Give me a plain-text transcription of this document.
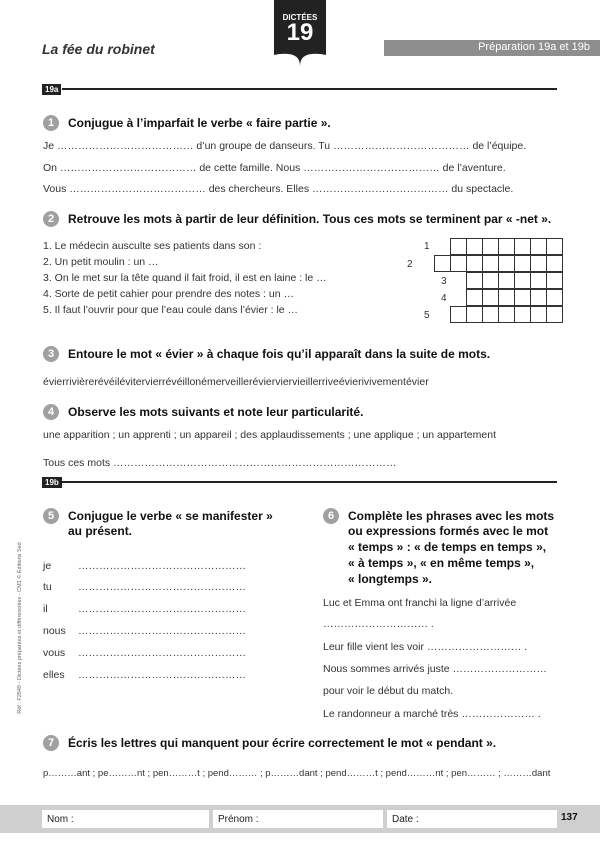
La fée du robinet
DICTÉES
19
Préparation 19a et 19b
19a
1	Conjugue à l’imparfait le verbe « faire partie ».
Je ………………………………… d’un groupe de danseurs. Tu ………………………………… de l’équipe.
On ………………………………… de cette famille. Nous ………………………………… de l’aventure.
Vous ………………………………… des chercheurs. Elles ………………………………… du spectacle.
2	Retrouve les mots à partir de leur définition. Tous ces mots se terminent par « -net ».
1. Le médecin ausculte ses patients dans son :
2. Un petit moulin : un …
3. On le met sur la tête quand il fait froid, il est en laine : le …
4. Sorte de petit cahier pour prendre des notes : un …
5. Il faut l’ouvrir pour que l’eau coule dans l’évier : le …
1
2
3
4
5
3	Entoure le mot « évier » à chaque fois qu’il apparaît dans la suite de mots.
évierrivièrerévéilévitervierrévéillonémerveillerévierviervieillerriveévierivivementévier
4	Observe les mots suivants et note leur particularité.
une apparition ; un apprenti ; un appareil ; des applaudissements ; une applique ; un appartement
Tous ces mots ………………………………………………………………………
19b
5	Conjugue le verbe « se manifester »
au présent.
je	…………………………………………
tu …………………………………………
il	…………………………………………
nous …………………………………………
vous …………………………………………
elles …………………………………………
6	Complète les phrases avec les mots
ou expressions formés avec le mot
« temps » : « de temps en temps »,
« à temps », « en même temps »,
« longtemps ».
Luc et Emma ont franchi la ligne d’arrivée
………………………… .
Leur fille vient les voir ……………………… .
Nous sommes arrivés juste ………………………
pour voir le début du match.
Le randonneur a marché très ………………… .
7	Écris les lettres qui manquent pour écrire correctement le mot « pendant ».
p………ant ; pe………nt ; pen………t ; pend……… ; p………dant ; pend………t ; pend………nt ; pen……… ; ………dant
Réf : F2849 - Dictées préparées et différenciées - CM1 © Éditions Sed
Nom :	Prénom :	Date :	137
